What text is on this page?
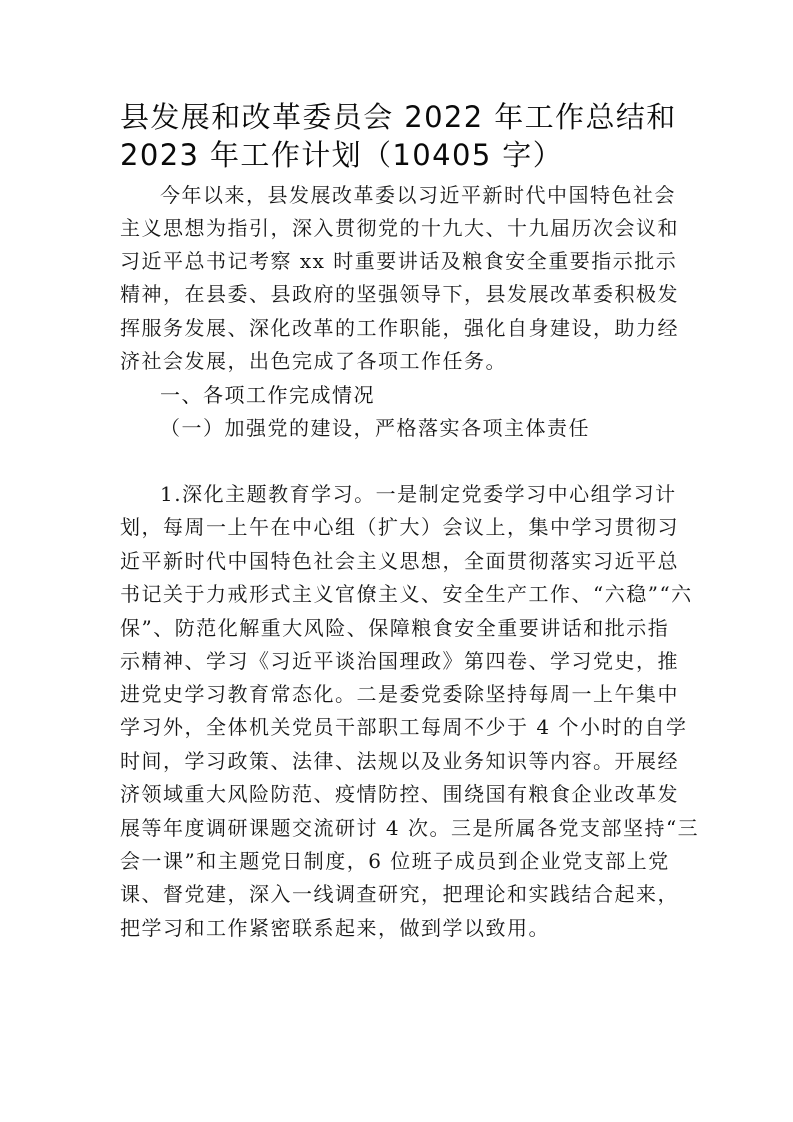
县发展和改革委员会 2022 年工作总结和
2023 年工作计划（10405 字）
今年以来，县发展改革委以习近平新时代中国特色社会
主义思想为指引，深入贯彻党的十九大、十九届历次会议和
习近平总书记考察 xx 时重要讲话及粮食安全重要指示批示
精神，在县委、县政府的坚强领导下，县发展改革委积极发
挥服务发展、深化改革的工作职能，强化自身建设，助力经
济社会发展，出色完成了各项工作任务。
一、各项工作完成情况
（一）加强党的建设，严格落实各项主体责任
1.深化主题教育学习。一是制定党委学习中心组学习计
划，每周一上午在中心组（扩大）会议上，集中学习贯彻习
近平新时代中国特色社会主义思想，全面贯彻落实习近平总
书记关于力戒形式主义官僚主义、安全生产工作、“六稳”“六
保”、防范化解重大风险、保障粮食安全重要讲话和批示指
示精神、学习《习近平谈治国理政》第四卷、学习党史，推
进党史学习教育常态化。二是委党委除坚持每周一上午集中
学习外，全体机关党员干部职工每周不少于 4 个小时的自学
时间，学习政策、法律、法规以及业务知识等内容。开展经
济领域重大风险防范、疫情防控、围绕国有粮食企业改革发
展等年度调研课题交流研讨 4 次。三是所属各党支部坚持“三
会一课”和主题党日制度，6 位班子成员到企业党支部上党
课、督党建，深入一线调查研究，把理论和实践结合起来，
把学习和工作紧密联系起来，做到学以致用。
